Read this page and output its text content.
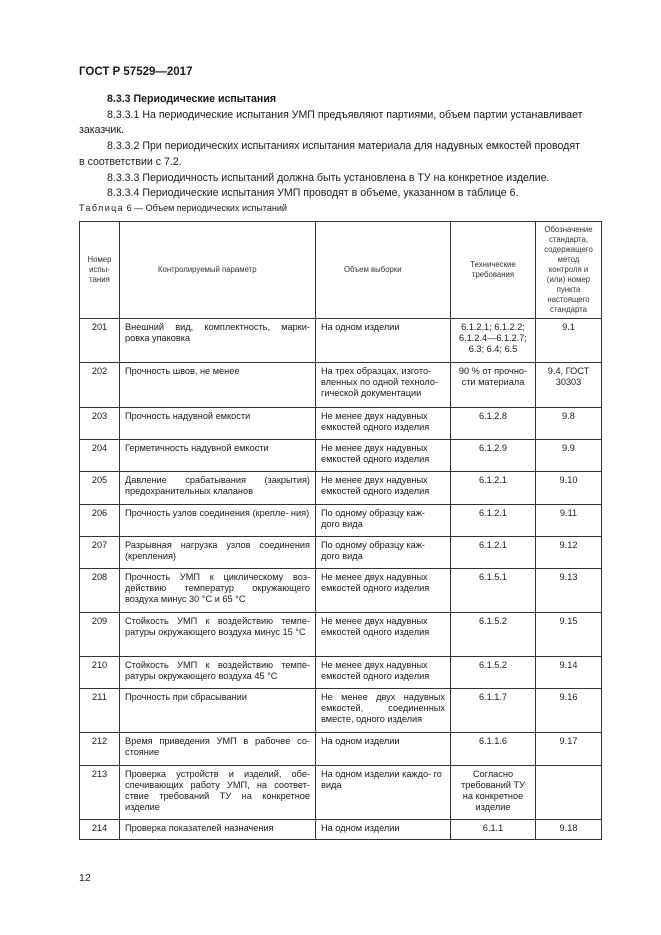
ГОСТ Р 57529—2017

8.3.3 Периодические испытания

8.3.3.1 На периодические испытания УМП предъявляют партиями, объем партии устанавливает заказчик.

8.3.3.2 При периодических испытаниях испытания материала для надувных емкостей проводят в соответствии с 7.2.

8.3.3.3 Периодичность испытаний должна быть установлена в ТУ на конкретное изделие.

8.3.3.4 Периодические испытания УМП проводят в объеме, указанном в таблице 6.

Таблица 6 — Объем периодических испытаний
Номер испы- тания	Контролируемый параметр	Объем выборки	Технические требования	Обозначение стандарта, содержащего метод контроля и (или) номер пункта настоящего стандарта
201	Внешний вид, комплектность, марки- ровка упаковка	На одном изделии	6.1.2.1; 6.1.2.2; 6.1.2.4—6.1.2.7; 6.3; 6.4; 6.5	9.1
202	Прочность швов, не менее	На трех образцах, изгото- вленных по одной техноло- гической документации	90 % от прочно- сти материала	9.4, ГОСТ 30303
203	Прочность надувной емкости	Не менее двух надувных емкостей одного изделия	6.1.2.8	9.8
204	Герметичность надувной емкости	Не менее двух надувных емкостей одного изделия	6.1.2.9	9.9
205	Давление срабатывания (закрытия) предохранительных клапанов	Не менее двух надувных емкостей одного изделия	6.1.2.1	9.10
206	Прочность узлов соединения (крепле- ния)	По одному образцу каж- дого вида	6.1.2.1	9.11
207	Разрывная нагрузка узлов соединения (крепления)	По одному образцу каж- дого вида	6.1.2.1	9.12
208	Прочность УМП к циклическому воз- действию температур окружающего воздуха минус 30 °C и 65 °C	Не менее двух надувных емкостей одного изделия	6.1.5.1	9.13
209	Стойкость УМП к воздействию темпе- ратуры окружающего воздуха минус 15 °C	Не менее двух надувных емкостей одного изделия	6.1.5.2	9.15
210	Стойкость УМП к воздействию темпе- ратуры окружающего воздуха 45 °C	Не менее двух надувных емкостей одного изделия	6.1.5.2	9.14
211	Прочность при сбрасывании	Не менее двух надувных емкостей, соединенных вместе, одного изделия	6.1.1.7	9.16
212	Время приведения УМП в рабочее со- стояние	На одном изделии	6.1.1.6	9.17
213	Проверка устройств и изделий, обе- спечивающих работу УМП, на соответ- ствие требований ТУ на конкретное изделие	На одном изделии каждо- го вида	Согласно требований ТУ на конкретное изделие	
214	Проверка показателей назначения	На одном изделии	6.1.1	9.18
12
